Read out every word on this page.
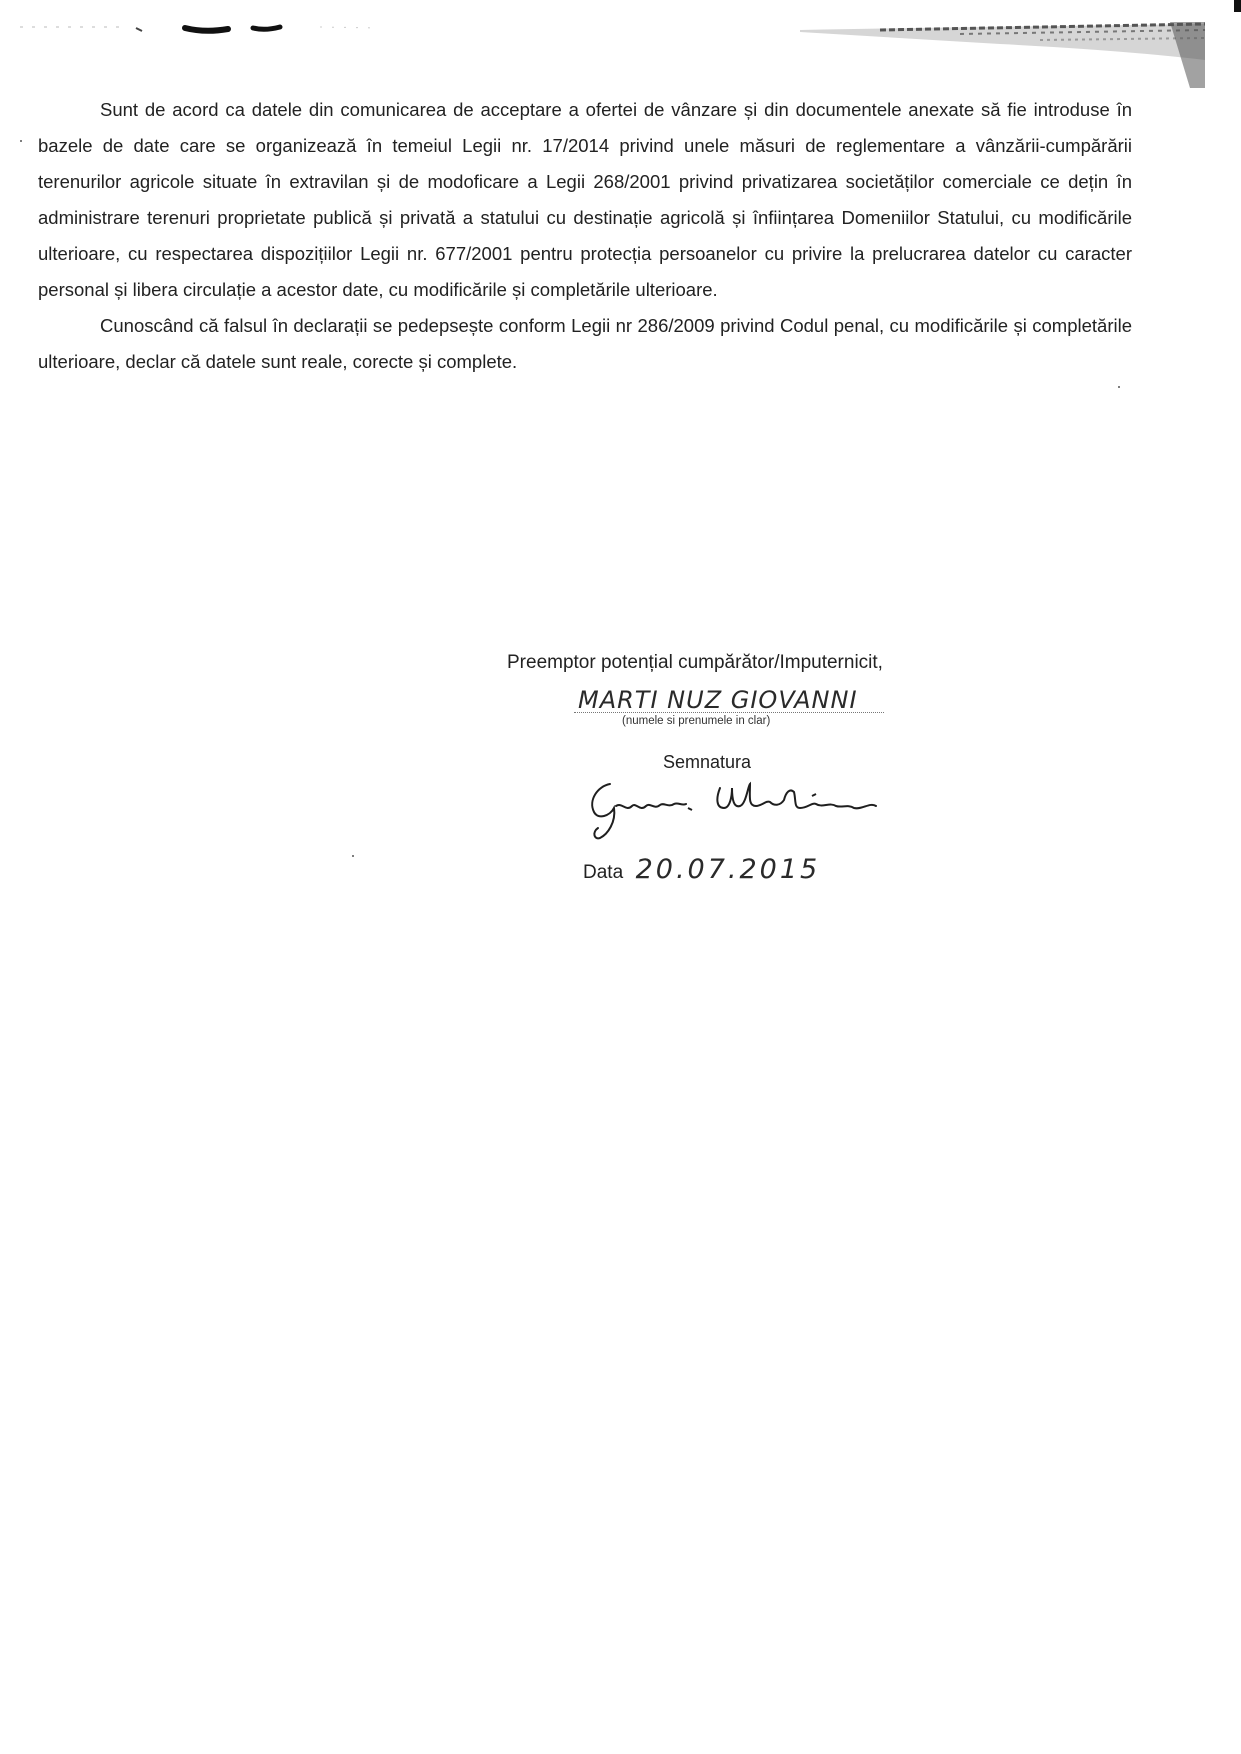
Sunt de acord ca datele din comunicarea de acceptare a ofertei de vânzare și din documentele anexate să fie introduse în bazele de date care se organizează în temeiul Legii nr. 17/2014 privind unele măsuri de reglementare a vânzării-cumpărării terenurilor agricole situate în extravilan și de modoficare a Legii 268/2001 privind privatizarea societăților comerciale ce dețin în administrare terenuri proprietate publică și privată a statului cu destinație agricolă și înființarea Domeniilor Statului, cu modificările ulterioare, cu respectarea dispozițiilor Legii nr. 677/2001 pentru protecția persoanelor cu privire la prelucrarea datelor cu caracter personal și libera circulație a acestor date, cu modificările și completările ulterioare.

Cunoscând că falsul în declarații se pedepsește conform Legii nr 286/2009 privind Codul penal, cu modificările și completările ulterioare, declar că datele sunt reale, corecte și complete.

Preemptor potențial cumpărător/Imputernicit,
MARTI NUZ GIOVANNI
(numele si prenumele in clar)
Semnatura
Data 20.07.2015
